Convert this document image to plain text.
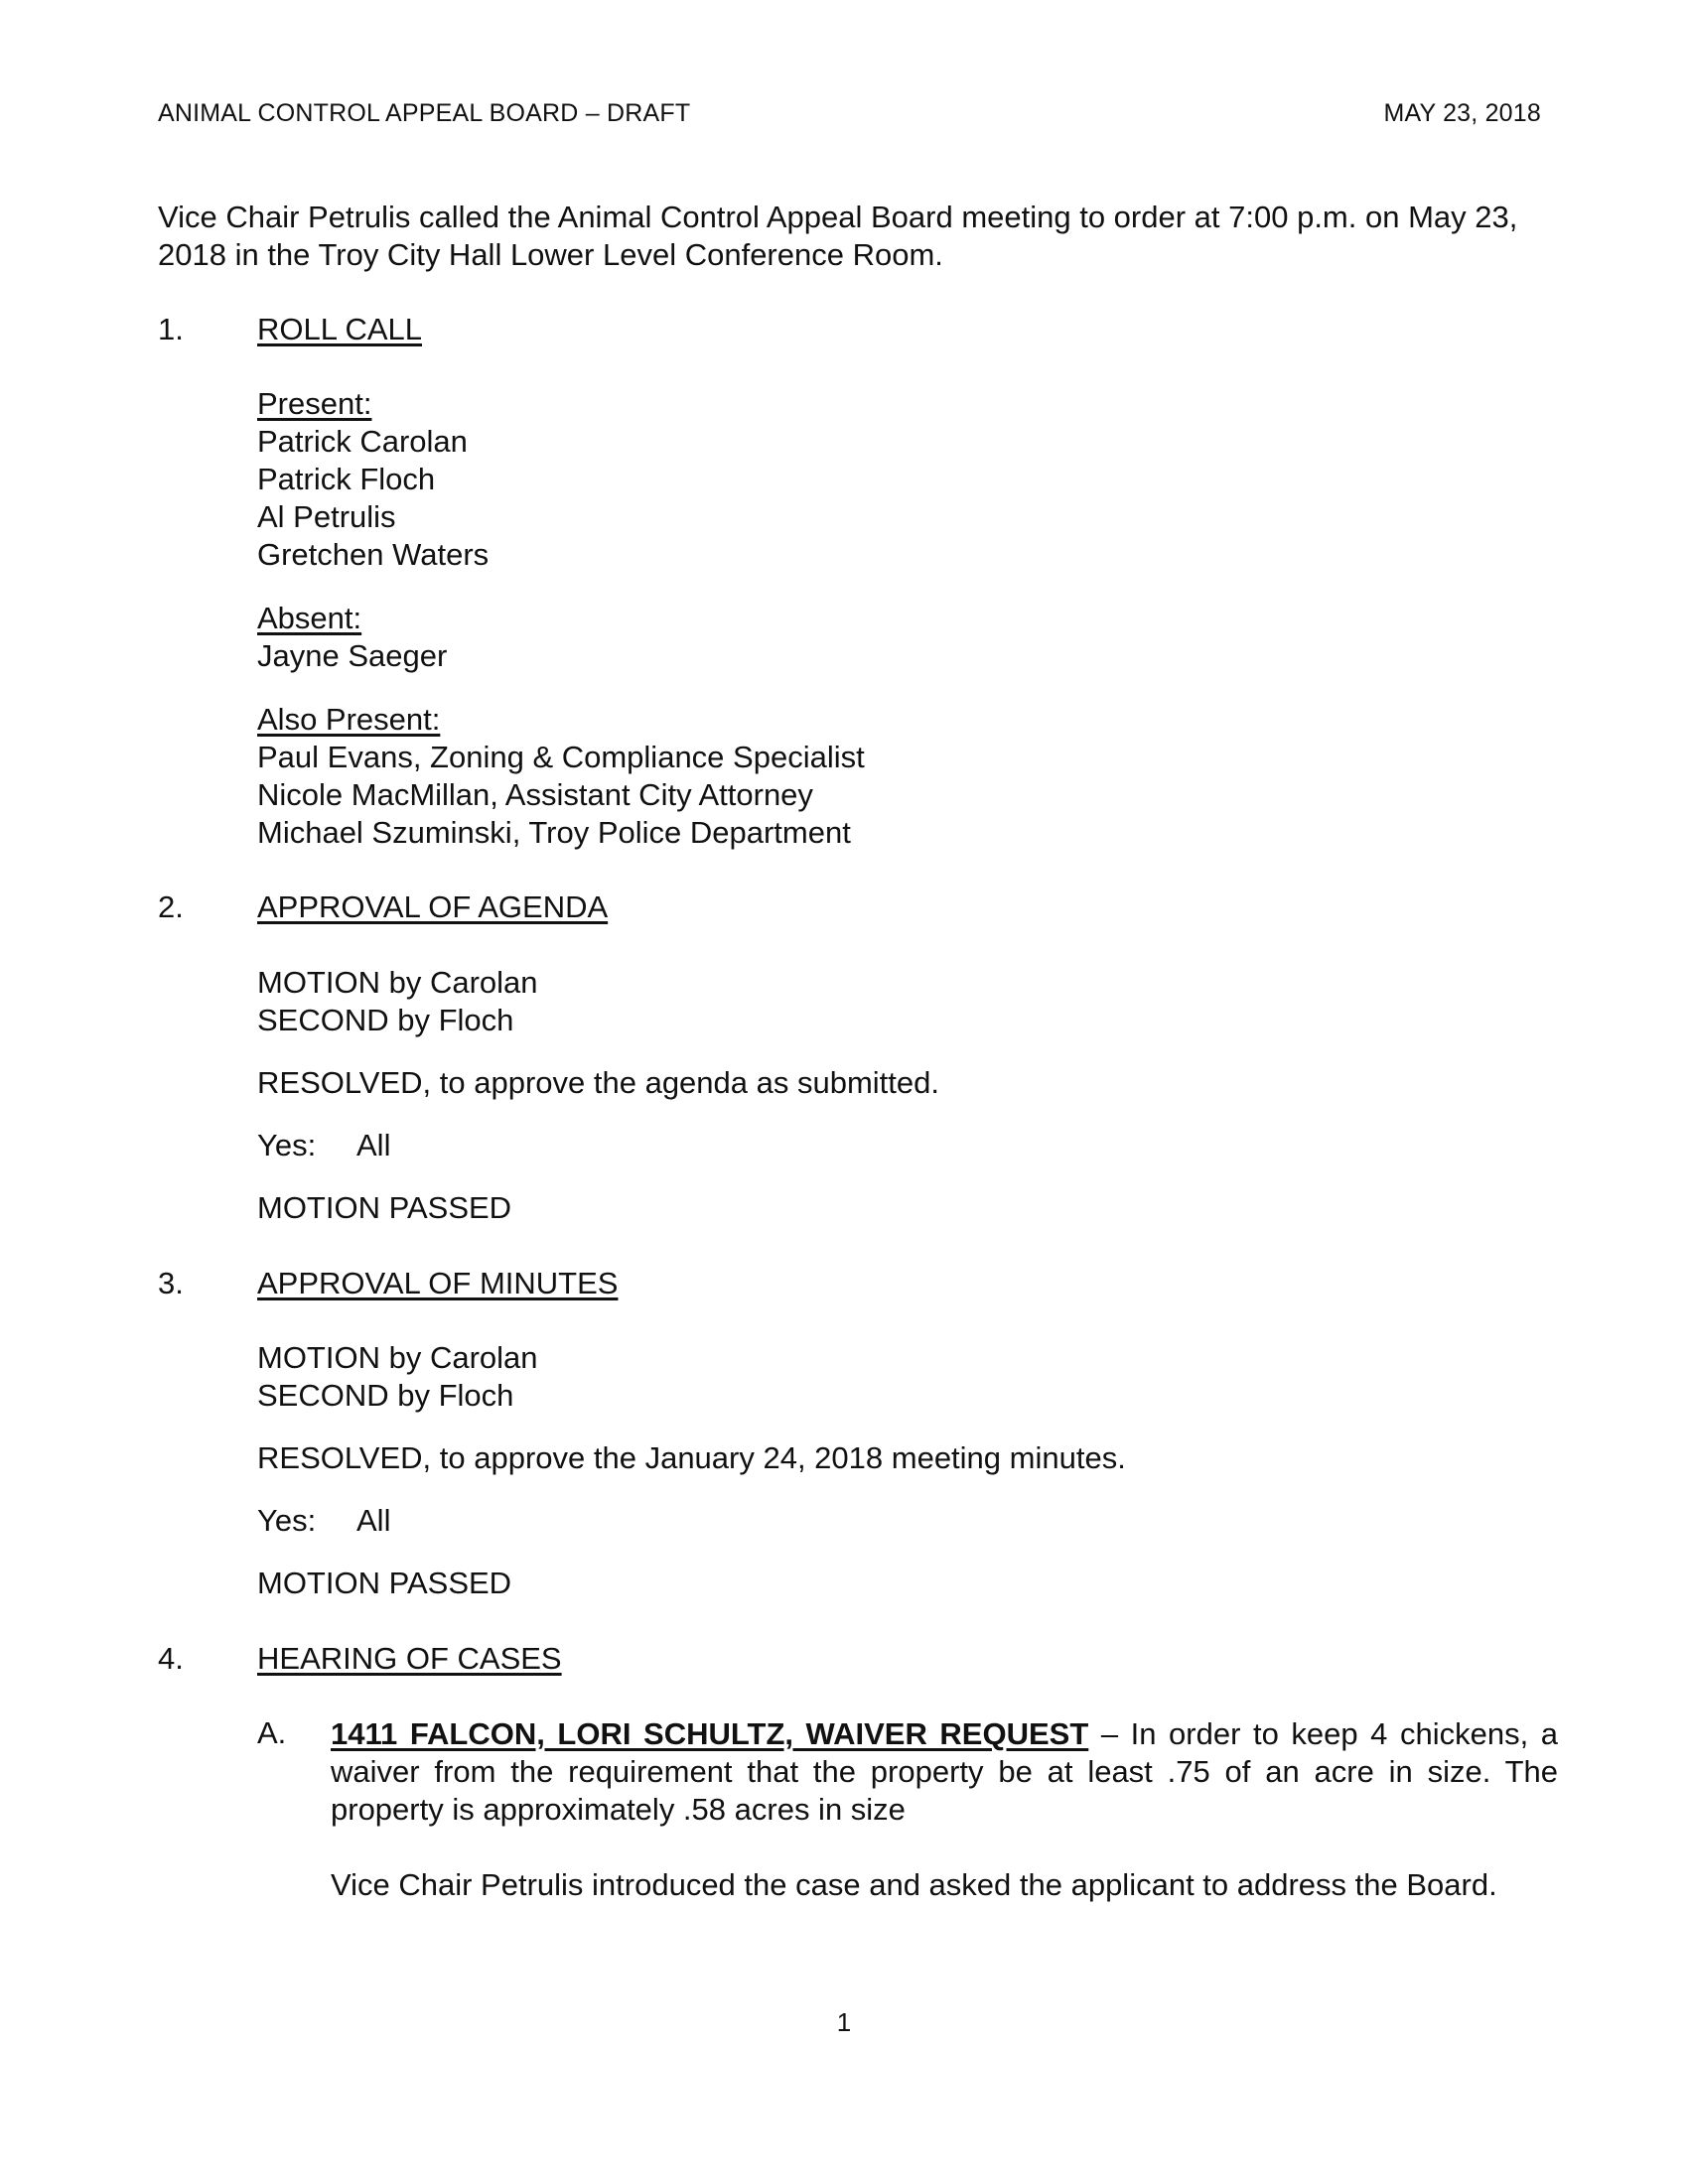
ANIMAL CONTROL APPEAL BOARD – DRAFT	MAY 23, 2018
Vice Chair Petrulis called the Animal Control Appeal Board meeting to order at 7:00 p.m. on May 23, 2018 in the Troy City Hall Lower Level Conference Room.
1. ROLL CALL
Present:
Patrick Carolan
Patrick Floch
Al Petrulis
Gretchen Waters
Absent:
Jayne Saeger
Also Present:
Paul Evans, Zoning & Compliance Specialist
Nicole MacMillan, Assistant City Attorney
Michael Szuminski, Troy Police Department
2. APPROVAL OF AGENDA
MOTION by Carolan
SECOND by Floch
RESOLVED, to approve the agenda as submitted.
Yes: All
MOTION PASSED
3. APPROVAL OF MINUTES
MOTION by Carolan
SECOND by Floch
RESOLVED, to approve the January 24, 2018 meeting minutes.
Yes: All
MOTION PASSED
4. HEARING OF CASES
A. 1411 FALCON, LORI SCHULTZ, WAIVER REQUEST – In order to keep 4 chickens, a waiver from the requirement that the property be at least .75 of an acre in size. The property is approximately .58 acres in size
Vice Chair Petrulis introduced the case and asked the applicant to address the Board.
1
